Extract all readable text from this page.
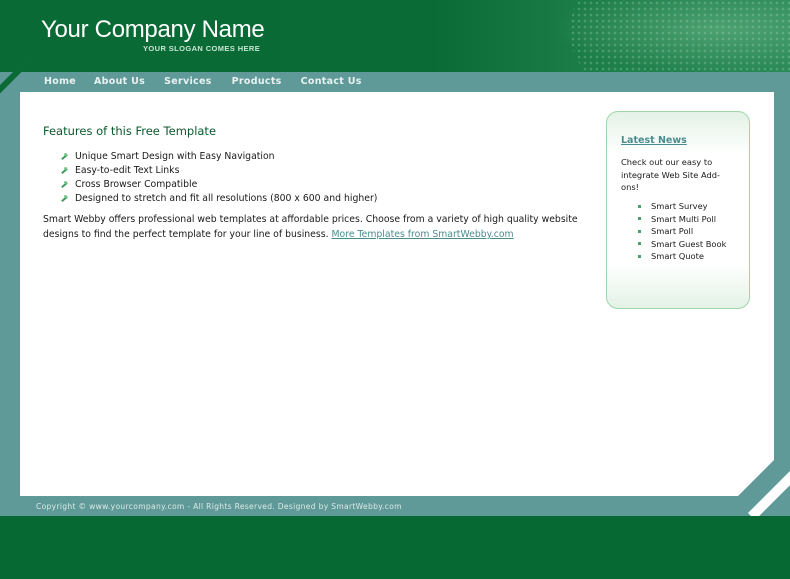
Your Company Name
YOUR SLOGAN COMES HERE
Home	About Us	Services	Products	Contact Us
Features of this Free Template
Unique Smart Design with Easy Navigation
Easy-to-edit Text Links
Cross Browser Compatible
Designed to stretch and fit all resolutions (800 x 600 and higher)

Smart Webby offers professional web templates at affordable prices. Choose from a variety of high quality website designs to find the perfect template for your line of business. More Templates from SmartWebby.com

Latest News
Check out our easy to integrate Web Site Add-ons!
Smart Survey
Smart Multi Poll
Smart Poll
Smart Guest Book
Smart Quote
Copyright © www.yourcompany.com - All Rights Reserved. Designed by SmartWebby.com
